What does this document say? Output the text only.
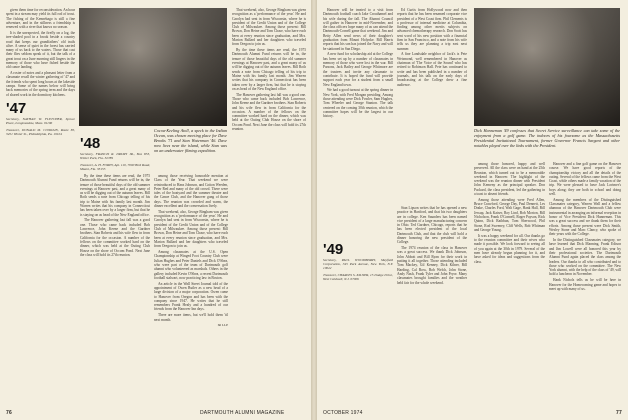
given them time for reconsideration. An hour spent in a stream may yield its full rod of trout. The fishing of the Kennebago is still a fine adventure, and in the stillness a friendship is renewed with a river that knows no season.

It is the unexpected, the firefly on a log, the tree-shaded pool in a brook beside a country road that keeps our grandfathers' old trails alive. A sense of quiet in the forest has carried many of us back to the waters. Those that cast their flies seldom speak of it, but the talk of a great trout on a June morning still lingers in the memory of those who have fished beside the old canoe landing.

A roster of notes and a pleasant letter from a classmate recall the winter gathering of '47 and the friends who spent long hours at the lakeside camps. Some of the names below will bring back memories of the spring term and the days of shared work in the dormitory kitchens.

'47
Secretary, NATHAN W. FLETCHER, Spruce Place, Longmeadow, Mass. 01106
Treasurer, DONALD M. CONKLIN, Route 85, 3451 Winter St., Philadelphia, Pa. 19104

Cocoa-Keeling Atoll, a speck in the Indian Ocean, was chosen meeting place for Dave Brooks '71 and Stan Waterman '46. Dave now lives near the island, while Stan was on an underwater filming expedition.

among those receiving honorable mention at Class of the Year. That weekend we were reintroduced to Hans Johnson, and Cotton Weeden, Peter Red and many of the old crowd. There were tales of the boatyard and the summer theatre and the Canoe Club, and the Hanover gang of those days. The reunion was crowded and warm, the dinner excellent and the conversation lively.

That weekend, also, George Bingham was given recognition as a 'performance of the year.' He and Carolyn had sent in from Wisconsin, where he is president of the Credit Union and of the College Club of Milwaukee. Among those present: Bill Brown, Don Heine and Tom Chase, who have each been at every reunion since graduation, and Mrs. Marion Ballard and her daughters who traveled from Oregon to join us.

Among classmates at the U.S. Open Championship at Winged Foot Country Club were Julian Hughes and Peter Daniels and Dick O'Shea, who were part of the team of Dartmouth golf alumni who volunteered as marshals. Others in the gallery included Kevin O'Shea, a recent Dartmouth football stalwart, now practicing law in Boston.

An article in the Wall Street Journal told of the appointment of Owen Butler as a new head of a large division of a major corporation. Owen came to Hanover from Oregon and has been with the company since 1947. He writes that he still remembers Frank Healy and a hundred of our friends from the Hanover Inn days.

There are more items, but we'll hold them 'til next month.

66 LLP
'48
Secretary, FRANCIS R. DRURY JR., Box 853, Winter Park, Fla. 32789
Treasurer, A. H. FOREY, Apt. 110, 7000 Bird Road, Miami, Fla. 33155

By the time these items are read, the 1975 Dartmouth Alumni Fund returns will be in, the tenure of those beautiful days of the old summer evenings at Hanover past, and a great many of us will be digging out of the autumn leaves. Bill Roth sends a note from Chicago telling of his trip to Maine with his family last month. Jim Warren writes that his company in Connecticut has been taken over by a larger firm, but that he is staying on as head of the New England office.

The Hanover gathering last fall was a good one. Those who came back included Bob Lawrence, John Keene and the Gardner brothers. Stan Roberts and his wife flew in from California for the occasion. A number of the fellows on the committee worked hard on the dinner, which was held at the Outing Club House on the shore of Occom Pond. Next June the class will hold its 27th reunion.

That weekend, also, George Bingham was given recognition as a 'performance of the year.' He and Carolyn had sent in from Wisconsin, where he is president of the Credit Union and of the College Club of Milwaukee. Among those present: Bill Brown, Don Heine and Tom Chase, who have each been at every reunion since graduation, and Mrs. Marion Ballard and her daughters who traveled from Oregon to join us.

By the time these items are read, the 1975 Dartmouth Alumni Fund returns will be in, the tenure of those beautiful days of the old summer evenings at Hanover past, and a great many of us will be digging out of the autumn leaves. Bill Roth sends a note from Chicago telling of his trip to Maine with his family last month. Jim Warren writes that his company in Connecticut has been taken over by a larger firm, but that he is staying on as head of the New England office.

The Hanover gathering last fall was a good one. Those who came back included Bob Lawrence, John Keene and the Gardner brothers. Stan Roberts and his wife flew in from California for the occasion. A number of the fellows on the committee worked hard on the dinner, which was held at the Outing Club House on the shore of Occom Pond. Next June the class will hold its 27th reunion.

76	DARTMOUTH ALUMNI MAGAZINE

Hanover will be treated to a visit from Dartmouth football coach Jake Crouthamel and his wife during the fall. The Alumni Council will gather in Hanover in mid-November, and the class officers hope many of us can attend the Dartmouth-Cornell game that weekend. Jim and Betty Allen send news of their daughter's graduation from Mount Holyoke. Bill Harris reports that his son has joined the Navy and will be stationed in San Diego.

A new fund for scholarship aid at the College has been set up by a number of classmates in memory of those who were lost in the war. Bill Parsons, Jack Bailey and George Whitmore are the trustees and invite any classmate to contribute. It is hoped the fund will provide support each year for a student from a small New England town.

We had a good turnout at the spring dinner in New York, with Fred Morgan presiding. Among those attending were Dick Fowler, Sam Hughes, Tom Wheeler and George Stanton. The talk centered on the coming 30th reunion, which the committee hopes will be the largest in our history.

Ed Curtis from Hollywood now and then reports that he has been renamed corporate vice president of a West Coast firm. Phil Clements is a professor of internal medicine at Columbia, finding among other merits subjects on advanced chemotherapy research. Don Scott has sent word of his new position with a financial firm in San Francisco, and a note from his wife tells us they are planning a trip east next summer.

A fine Landsdale neighbor of Jack's is Pete Weismond, well remembered in Hanover as chairman of 'The Voice of the Sound' who has retired to Robinson Hall. Pete has continued to write and has been published in a number of journals, and his talk on the early days of broadcasting at the College drew a fine audience.

Dick Hanneman '49 confesses that Secret Service surveillance can take some of the enjoyment from a golf game. The indoors of his foursome as the Massachusetts Presidential Invitational Tournament, former Governor Francis Sargent and other notables played over the links with the President.
'49
Secretary, PAUL WOODBERRY, Mayfield Corporation, 345 Park Avenue, New York, N.Y. 10022
Treasurer, CHARLES S. KILNER, 15 Dodge Drive, West Caldwell, N.J. 07006

Stan Lipson writes that he has opened a new practice in Hartford, and that his two daughters are in college. Ken Saunders has been named vice president of a large manufacturing concern in Ohio. Ted Gardner, Chicago, reports that he has been elected president of the local Dartmouth Club, and that the club will hold a dinner honoring the new president of the College.

The 1974 reunion of the class in Hanover was a great success. We thank Dick Johnson, John Abbott and Bill Ryan for their work in putting it all together. Those attending included Tom Mackey, Gil Kenney, Dick Kilner, Bill Harding, Cal Ross, Bob Welch, John Stone, Andy Nash, Frank Tyler and John Pryor. Many classmates brought families and the weather held fair for the whole weekend.

among those honored, happy and well preserved. All the class were on hand at the 25th Reunion, which turned out to be a memorable weekend in Hanover. The highlight of the weekend was the reunion dinner with President John Kemeny as the principal speaker. Don Packard, the class president, led the gathering in a toast to absent friends.

Among those attending were Fred Allen, Bruce Crawford, George Day, Paul Dennett, Les Drake, Charles Ford, Walt Gage, Hank Hall, Bill Jessup, Jack Kaiser, Roy Lind, Bob Morton, Bill Nicholson, Frank O'Connell, Roger Payson, Rick Quinn, Dick Rathbun, Tom Sherwood, Phil Stone, Rod Sweeney, Cliff Wells, Bob Whitman and George Young.

It was a happy weekend for all. Our thanks go to the reunion committee and their wives who made it possible. We look forward to seeing all of you again at the 30th in 1979. Several of the men have already begun planning for it, and have asked for ideas and suggestions from the class.

Hanover and a fine golf game on the Hanover course. We have good reports of the championship victory and all the details of the outing. Several of the fellows came from the West Coast, while others made a family vacation of the trip. We were pleased to have Jack Lorimer's boys along; they are both in school and doing well.

Among the members of the Distinguished Classmates category, Warren Wall and a fellow alumnus of the Hanover Dartmouth Club were instrumental in arranging an informal reception in honor of Vice President Dick Hanneman. This was a great success and we thank them for their efforts. Among those present were Dick Smith, Wesley Stone and Marc Clancy, who spoke of their years with the College.

In the Distinguished Classmates category, we have learned that Dick Manning, Frank Edison and Jim Lowell were all honored this year by their professional societies. The Dartmouth Alumni Fund again placed the class among the leaders. Our thanks to all who contributed and to those who worked on the committee. The New York alumni, with the help of the class of '49, will hold a luncheon in November.

Hank Nichols tells us he will be here in Hanover for the Homecoming game and hopes to meet up with many of us.

OCTOBER 1974	77
